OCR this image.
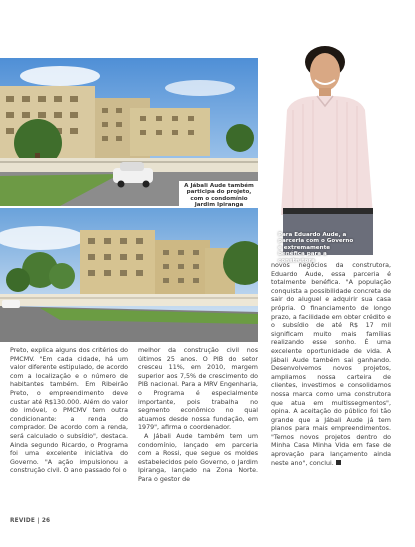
A Jábali Aude também participa do projeto, com o condomínio Jardim Ipiranga
Para Eduardo Aude, a parceria com o Governo é extremamente benéfica para a construtora

Preto, explica alguns dos critérios do PMCMV. "Em cada cidade, há um valor diferente estipulado, de acordo com a localização e o número de habitantes também. Em Ribeirão Preto, o empreendimento deve custar até R$130.000. Além do valor do imóvel, o PMCMV tem outra condicionante: a renda do comprador. De acordo com a renda, será calculado o subsídio", destaca. Ainda segundo Ricardo, o Programa foi uma excelente iniciativa do Governo. "A ação impulsionou a construção civil. O ano passado foi o

melhor da construção civil nos últimos 25 anos. O PIB do setor cresceu 11%, em 2010, margem superior aos 7,5% de crescimento do PIB nacional. Para a MRV Engenharia, o Programa é especialmente importante, pois trabalha no segmento econômico no qual atuamos desde nossa fundação, em 1979", afirma o coordenador.

A Jábali Aude também tem um condomínio, lançado em parceria com a Rossi, que segue os moldes estabelecidos pelo Governo, o Jardim Ipiranga, lançado na Zona Norte. Para o gestor de

novos negócios da construtora, Eduardo Aude, essa parceria é totalmente benéfica. "A população conquista a possibilidade concreta de sair do aluguel e adquirir sua casa própria. O financiamento de longo prazo, a facilidade em obter crédito e o subsídio de até R$ 17 mil significam muito mais famílias realizando esse sonho. É uma excelente oportunidade de vida. A Jábali Aude também sai ganhando. Desenvolvemos novos projetos, ampliamos nossa carteira de clientes, investimos e consolidamos nossa marca como uma construtora que atua em multissegmentos", opina. A aceitação do público foi tão grande que a Jábali Aude já tem planos para mais empreendimentos. "Temos novos projetos dentro do Minha Casa Minha Vida em fase de aprovação para lançamento ainda neste ano", conclui.

REVIDE | 26
